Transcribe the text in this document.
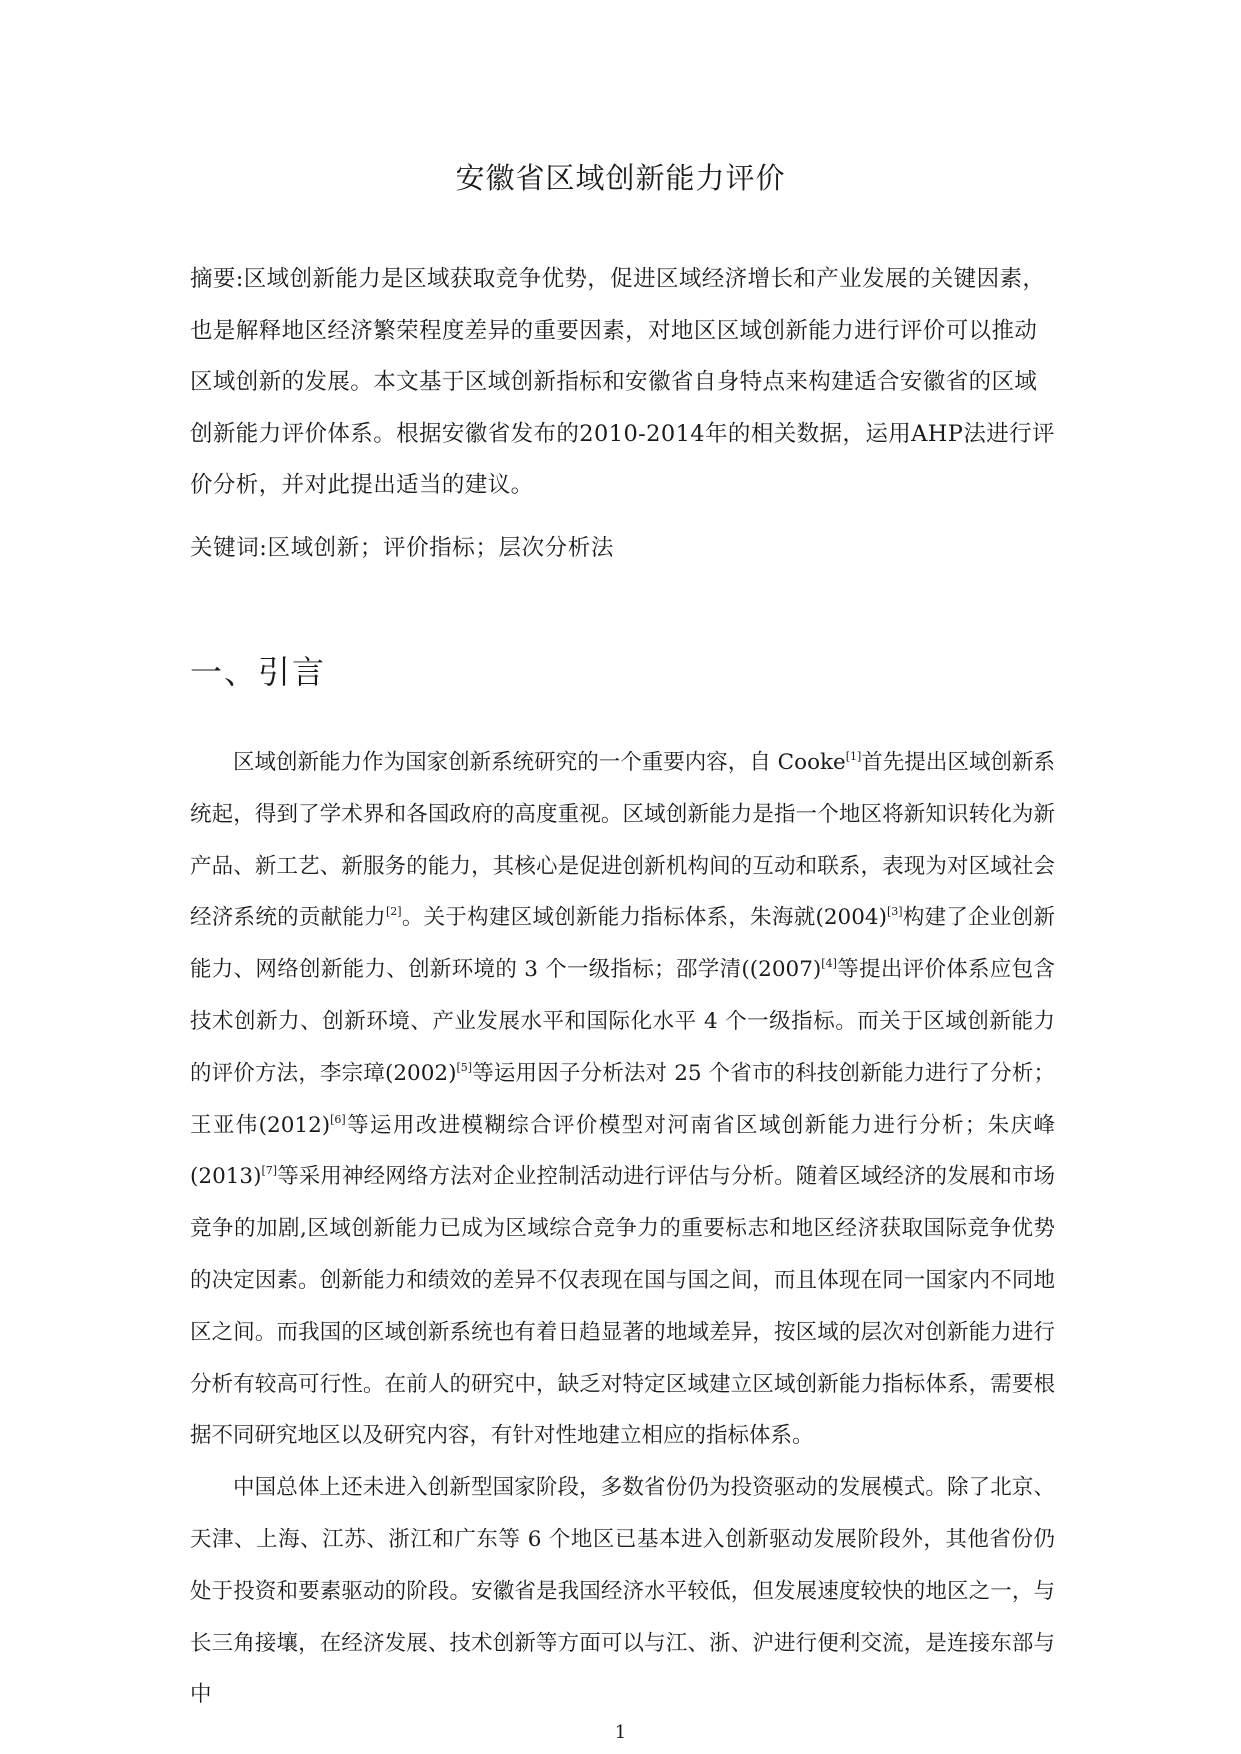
安徽省区域创新能力评价

摘要:区域创新能力是区域获取竞争优势，促进区域经济增长和产业发展的关键因素，也是解释地区经济繁荣程度差异的重要因素，对地区区域创新能力进行评价可以推动区域创新的发展。本文基于区域创新指标和安徽省自身特点来构建适合安徽省的区域创新能力评价体系。根据安徽省发布的2010-2014年的相关数据，运用AHP法进行评价分析，并对此提出适当的建议。

关键词:区域创新；评价指标；层次分析法
一、引言

区域创新能力作为国家创新系统研究的一个重要内容，自 Cooke[1]首先提出区域创新系统起，得到了学术界和各国政府的高度重视。区域创新能力是指一个地区将新知识转化为新产品、新工艺、新服务的能力，其核心是促进创新机构间的互动和联系，表现为对区域社会经济系统的贡献能力[2]。关于构建区域创新能力指标体系，朱海就(2004)[3]构建了企业创新能力、网络创新能力、创新环境的 3 个一级指标；邵学清((2007)[4]等提出评价体系应包含技术创新力、创新环境、产业发展水平和国际化水平 4 个一级指标。而关于区域创新能力的评价方法，李宗璋(2002)[5]等运用因子分析法对 25 个省市的科技创新能力进行了分析；王亚伟(2012)[6]等运用改进模糊综合评价模型对河南省区域创新能力进行分析；朱庆峰(2013)[7]等采用神经网络方法对企业控制活动进行评估与分析。随着区域经济的发展和市场竞争的加剧,区域创新能力已成为区域综合竞争力的重要标志和地区经济获取国际竞争优势的决定因素。创新能力和绩效的差异不仅表现在国与国之间，而且体现在同一国家内不同地区之间。而我国的区域创新系统也有着日趋显著的地域差异，按区域的层次对创新能力进行分析有较高可行性。在前人的研究中，缺乏对特定区域建立区域创新能力指标体系，需要根据不同研究地区以及研究内容，有针对性地建立相应的指标体系。

中国总体上还未进入创新型国家阶段，多数省份仍为投资驱动的发展模式。除了北京、天津、上海、江苏、浙江和广东等 6 个地区已基本进入创新驱动发展阶段外，其他省份仍处于投资和要素驱动的阶段。安徽省是我国经济水平较低，但发展速度较快的地区之一，与长三角接壤，在经济发展、技术创新等方面可以与江、浙、沪进行便利交流，是连接东部与中

1
